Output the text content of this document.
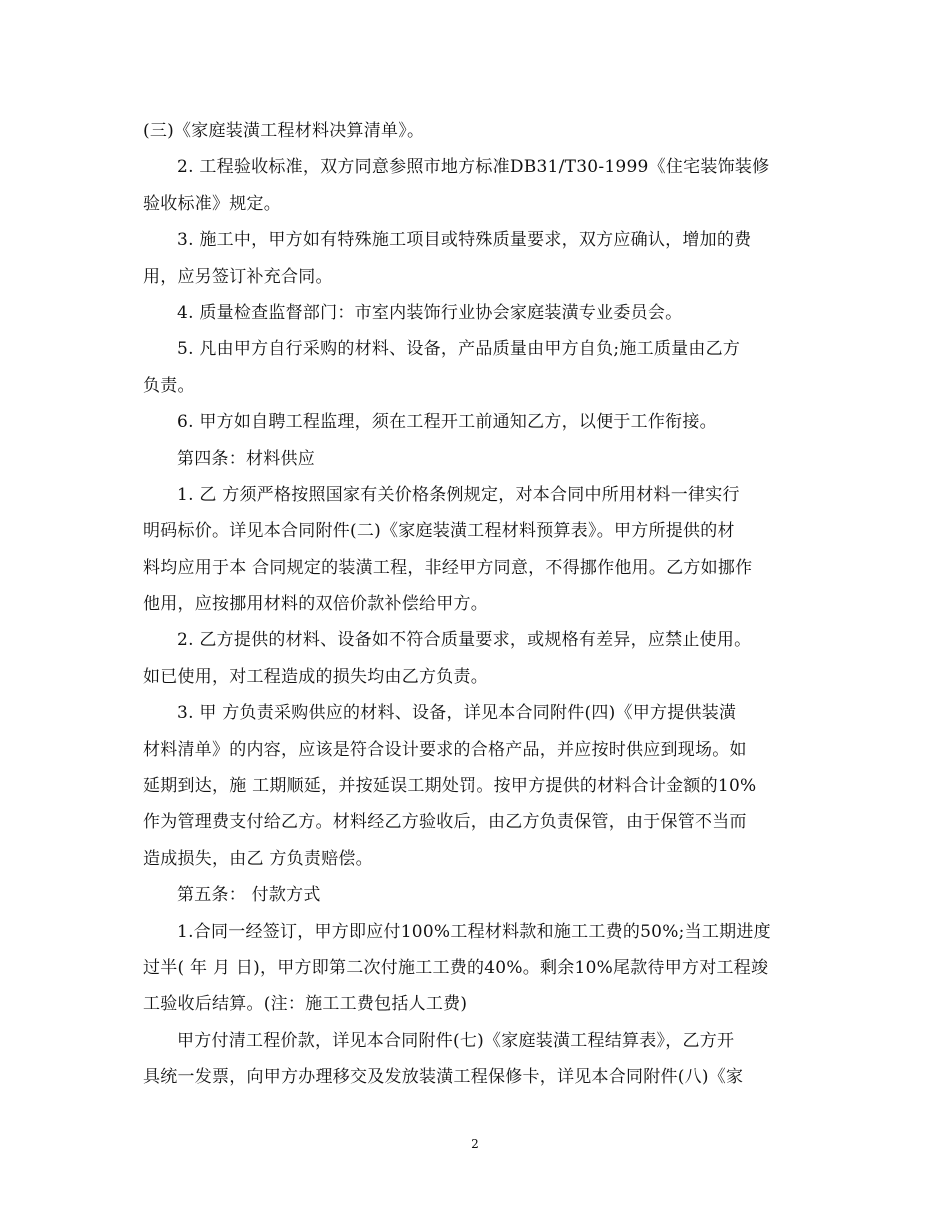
(三)《家庭装潢工程材料决算清单》。
2. 工程验收标准，双方同意参照市地方标准DB31/T30-1999《住宅装饰装修
验收标准》规定。
3. 施工中，甲方如有特殊施工项目或特殊质量要求，双方应确认，增加的费
用，应另签订补充合同。
4. 质量检查监督部门：市室内装饰行业协会家庭装潢专业委员会。
5. 凡由甲方自行采购的材料、设备，产品质量由甲方自负;施工质量由乙方
负责。
6. 甲方如自聘工程监理，须在工程开工前通知乙方，以便于工作衔接。
第四条：材料供应
1. 乙 方须严格按照国家有关价格条例规定，对本合同中所用材料一律实行
明码标价。详见本合同附件(二)《家庭装潢工程材料预算表》。甲方所提供的材
料均应用于本 合同规定的装潢工程，非经甲方同意，不得挪作他用。乙方如挪作
他用，应按挪用材料的双倍价款补偿给甲方。
2. 乙方提供的材料、设备如不符合质量要求，或规格有差异，应禁止使用。
如已使用，对工程造成的损失均由乙方负责。
3. 甲 方负责采购供应的材料、设备，详见本合同附件(四)《甲方提供装潢
材料清单》的内容，应该是符合设计要求的合格产品，并应按时供应到现场。如
延期到达，施 工期顺延，并按延误工期处罚。按甲方提供的材料合计金额的10%
作为管理费支付给乙方。材料经乙方验收后，由乙方负责保管，由于保管不当而
造成损失，由乙 方负责赔偿。
第五条： 付款方式
1.合同一经签订，甲方即应付100%工程材料款和施工工费的50%;当工期进度
过半( 年 月 日)，甲方即第二次付施工工费的40%。剩余10%尾款待甲方对工程竣
工验收后结算。(注：施工工费包括人工费)
甲方付清工程价款，详见本合同附件(七)《家庭装潢工程结算表》，乙方开
具统一发票，向甲方办理移交及发放装潢工程保修卡，详见本合同附件(八)《家
2
